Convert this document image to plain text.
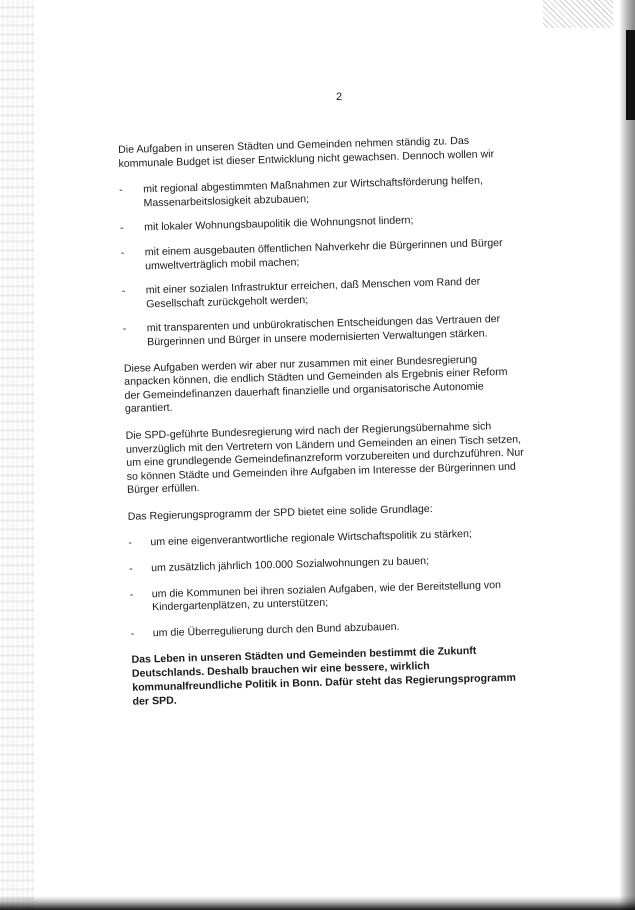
2

Die Aufgaben in unseren Städten und Gemeinden nehmen ständig zu. Das kommunale Budget ist dieser Entwicklung nicht gewachsen. Dennoch wollen wir

- mit regional abgestimmten Maßnahmen zur Wirtschaftsförderung helfen, Massenarbeitslosigkeit abzubauen;
- mit lokaler Wohnungsbaupolitik die Wohnungsnot lindern;
- mit einem ausgebauten öffentlichen Nahverkehr die Bürgerinnen und Bürger umweltverträglich mobil machen;
- mit einer sozialen Infrastruktur erreichen, daß Menschen vom Rand der Gesellschaft zurückgeholt werden;
- mit transparenten und unbürokratischen Entscheidungen das Vertrauen der Bürgerinnen und Bürger in unsere modernisierten Verwaltungen stärken.

Diese Aufgaben werden wir aber nur zusammen mit einer Bundesregierung anpacken können, die endlich Städten und Gemeinden als Ergebnis einer Reform der Gemeindefinanzen dauerhaft finanzielle und organisatorische Autonomie garantiert.

Die SPD-geführte Bundesregierung wird nach der Regierungsübernahme sich unverzüglich mit den Vertretern von Ländern und Gemeinden an einen Tisch setzen, um eine grundlegende Gemeindefinanzreform vorzubereiten und durchzuführen. Nur so können Städte und Gemeinden ihre Aufgaben im Interesse der Bürgerinnen und Bürger erfüllen.

Das Regierungsprogramm der SPD bietet eine solide Grundlage:

- um eine eigenverantwortliche regionale Wirtschaftspolitik zu stärken;
- um zusätzlich jährlich 100.000 Sozialwohnungen zu bauen;
- um die Kommunen bei ihren sozialen Aufgaben, wie der Bereitstellung von Kindergartenplätzen, zu unterstützen;
- um die Überregulierung durch den Bund abzubauen.

Das Leben in unseren Städten und Gemeinden bestimmt die Zukunft Deutschlands. Deshalb brauchen wir eine bessere, wirklich kommunalfreundliche Politik in Bonn. Dafür steht das Regierungsprogramm der SPD.
